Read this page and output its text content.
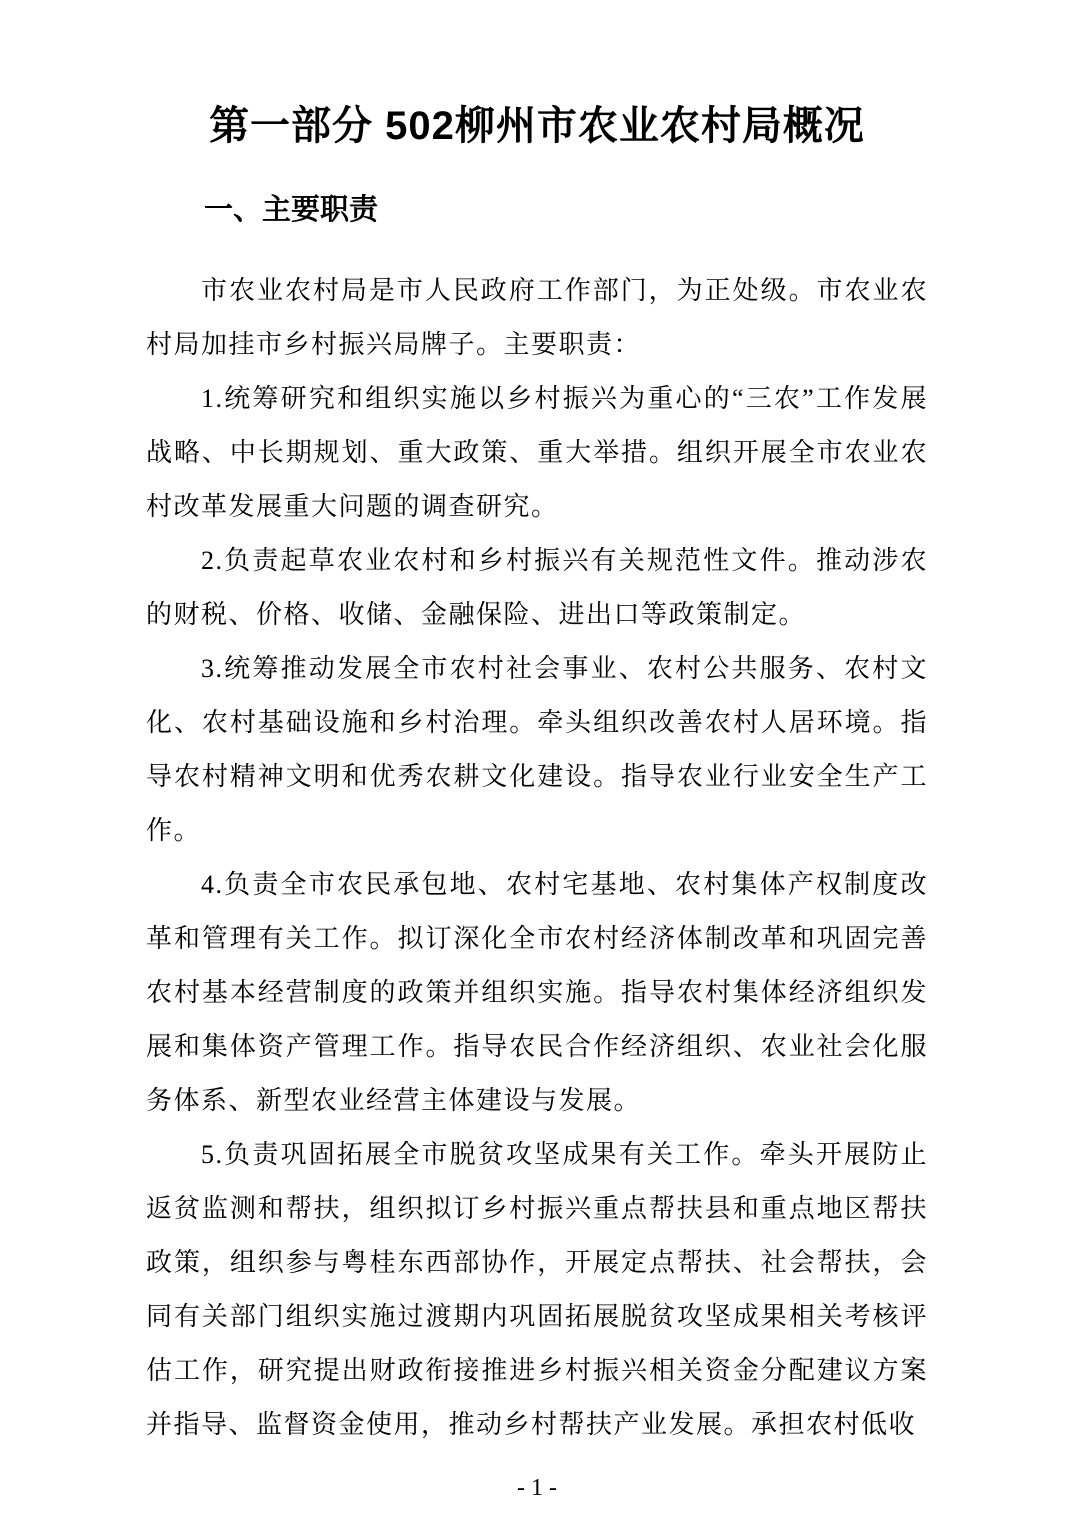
第一部分 502柳州市农业农村局概况
一、主要职责

市农业农村局是市人民政府工作部门，为正处级。市农业农村局加挂市乡村振兴局牌子。主要职责：

1.统筹研究和组织实施以乡村振兴为重心的“三农”工作发展战略、中长期规划、重大政策、重大举措。组织开展全市农业农村改革发展重大问题的调查研究。

2.负责起草农业农村和乡村振兴有关规范性文件。推动涉农的财税、价格、收储、金融保险、进出口等政策制定。

3.统筹推动发展全市农村社会事业、农村公共服务、农村文化、农村基础设施和乡村治理。牵头组织改善农村人居环境。指导农村精神文明和优秀农耕文化建设。指导农业行业安全生产工作。

4.负责全市农民承包地、农村宅基地、农村集体产权制度改革和管理有关工作。拟订深化全市农村经济体制改革和巩固完善农村基本经营制度的政策并组织实施。指导农村集体经济组织发展和集体资产管理工作。指导农民合作经济组织、农业社会化服务体系、新型农业经营主体建设与发展。

5.负责巩固拓展全市脱贫攻坚成果有关工作。牵头开展防止返贫监测和帮扶，组织拟订乡村振兴重点帮扶县和重点地区帮扶政策，组织参与粤桂东西部协作，开展定点帮扶、社会帮扶，会同有关部门组织实施过渡期内巩固拓展脱贫攻坚成果相关考核评估工作，研究提出财政衔接推进乡村振兴相关资金分配建议方案并指导、监督资金使用，推动乡村帮扶产业发展。承担农村低收

- 1 -
